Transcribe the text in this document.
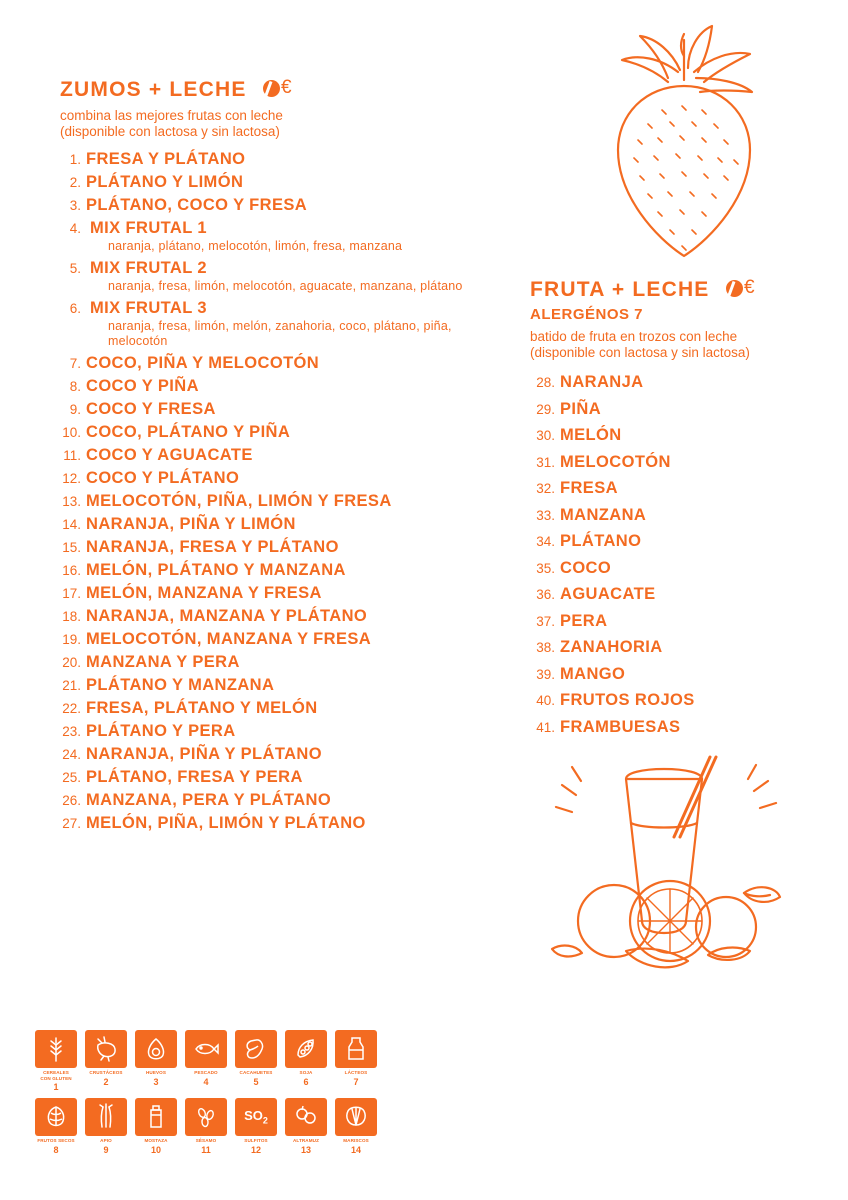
ZUMOS + LECHE €
combina las mejores frutas con leche
(disponible con lactosa y sin lactosa)
1. FRESA Y PLÁTANO
2. PLÁTANO Y LIMÓN
3. PLÁTANO, COCO Y FRESA
4. MIX FRUTAL 1
naranja, plátano, melocotón, limón, fresa, manzana
5. MIX FRUTAL 2
naranja, fresa, limón, melocotón, aguacate, manzana, plátano
6. MIX FRUTAL 3
naranja, fresa, limón, melón, zanahoria, coco, plátano, piña, melocotón
7. COCO, PIÑA Y MELOCOTÓN
8. COCO Y PIÑA
9. COCO Y FRESA
10. COCO, PLÁTANO Y PIÑA
11. COCO Y AGUACATE
12. COCO Y PLÁTANO
13. MELOCOTÓN, PIÑA, LIMÓN Y FRESA
14. NARANJA, PIÑA Y LIMÓN
15. NARANJA, FRESA Y PLÁTANO
16. MELÓN, PLÁTANO Y MANZANA
17. MELÓN, MANZANA Y FRESA
18. NARANJA, MANZANA Y PLÁTANO
19. MELOCOTÓN, MANZANA Y FRESA
20. MANZANA Y PERA
21. PLÁTANO Y MANZANA
22. FRESA, PLÁTANO Y MELÓN
23. PLÁTANO Y PERA
24. NARANJA, PIÑA Y PLÁTANO
25. PLÁTANO, FRESA Y PERA
26. MANZANA, PERA Y PLÁTANO
27. MELÓN, PIÑA, LIMÓN Y PLÁTANO
FRUTA + LECHE €
ALERGÉNOS 7
batido de fruta en trozos con leche
(disponible con lactosa y sin lactosa)
28. NARANJA
29. PIÑA
30. MELÓN
31. MELOCOTÓN
32. FRESA
33. MANZANA
34. PLÁTANO
35. COCO
36. AGUACATE
37. PERA
38. ZANAHORIA
39. MANGO
40. FRUTOS ROJOS
41. FRAMBUESAS
CEREALES
CON GLUTEN
1
CRUSTÁCEOS
2
HUEVOS
3
PESCADO
4
CACAHUETES
5
SOJA
6
LÁCTEOS
7
FRUTOS SECOS
8
APIO
9
MOSTAZA
10
SÉSAMO
11
$SO_2$
SULFITOS
12
ALTRAMUZ
13
MARISCOS
14
